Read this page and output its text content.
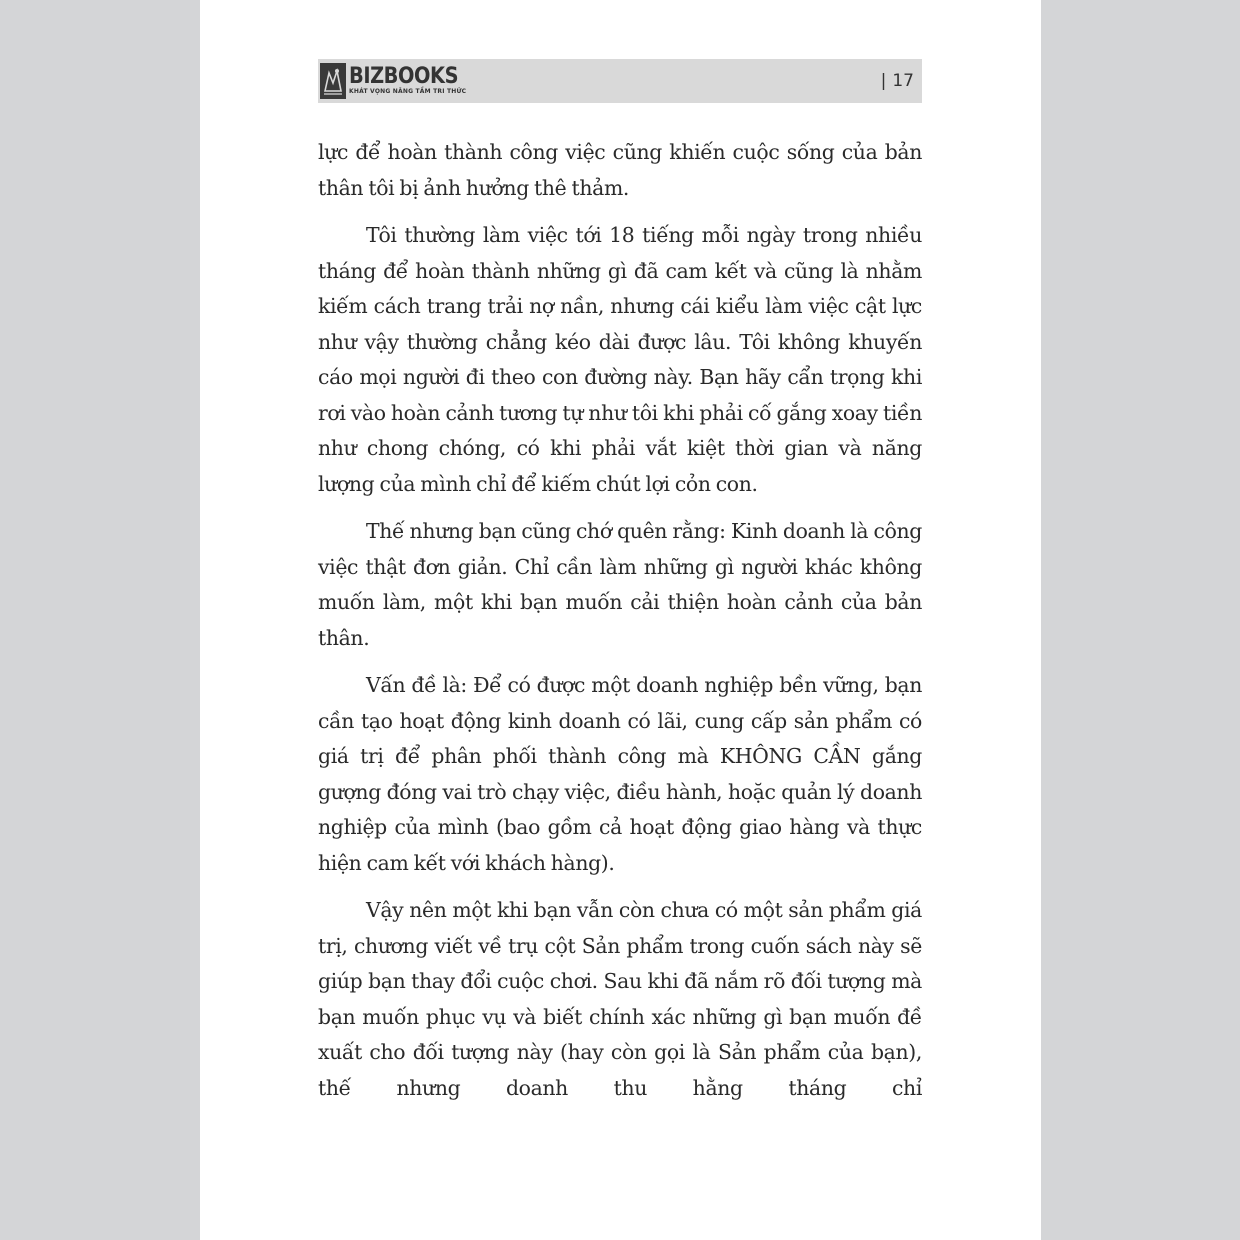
BIZBOOKS
KHÁT VỌNG NÂNG TẦM TRI THỨC
| 17

lực để hoàn thành công việc cũng khiến cuộc sống của bản thân tôi bị ảnh hưởng thê thảm.

Tôi thường làm việc tới 18 tiếng mỗi ngày trong nhiều tháng để hoàn thành những gì đã cam kết và cũng là nhằm kiếm cách trang trải nợ nần, nhưng cái kiểu làm việc cật lực như vậy thường chẳng kéo dài được lâu. Tôi không khuyến cáo mọi người đi theo con đường này. Bạn hãy cẩn trọng khi rơi vào hoàn cảnh tương tự như tôi khi phải cố gắng xoay tiền như chong chóng, có khi phải vắt kiệt thời gian và năng lượng của mình chỉ để kiếm chút lợi cỏn con.

Thế nhưng bạn cũng chớ quên rằng: Kinh doanh là công việc thật đơn giản. Chỉ cần làm những gì người khác không muốn làm, một khi bạn muốn cải thiện hoàn cảnh của bản thân.

Vấn đề là: Để có được một doanh nghiệp bền vững, bạn cần tạo hoạt động kinh doanh có lãi, cung cấp sản phẩm có giá trị để phân phối thành công mà KHÔNG CẦN gắng gượng đóng vai trò chạy việc, điều hành, hoặc quản lý doanh nghiệp của mình (bao gồm cả hoạt động giao hàng và thực hiện cam kết với khách hàng).

Vậy nên một khi bạn vẫn còn chưa có một sản phẩm giá trị, chương viết về trụ cột Sản phẩm trong cuốn sách này sẽ giúp bạn thay đổi cuộc chơi. Sau khi đã nắm rõ đối tượng mà bạn muốn phục vụ và biết chính xác những gì bạn muốn đề xuất cho đối tượng này (hay còn gọi là Sản phẩm của bạn), thế nhưng doanh thu hằng tháng chỉ
